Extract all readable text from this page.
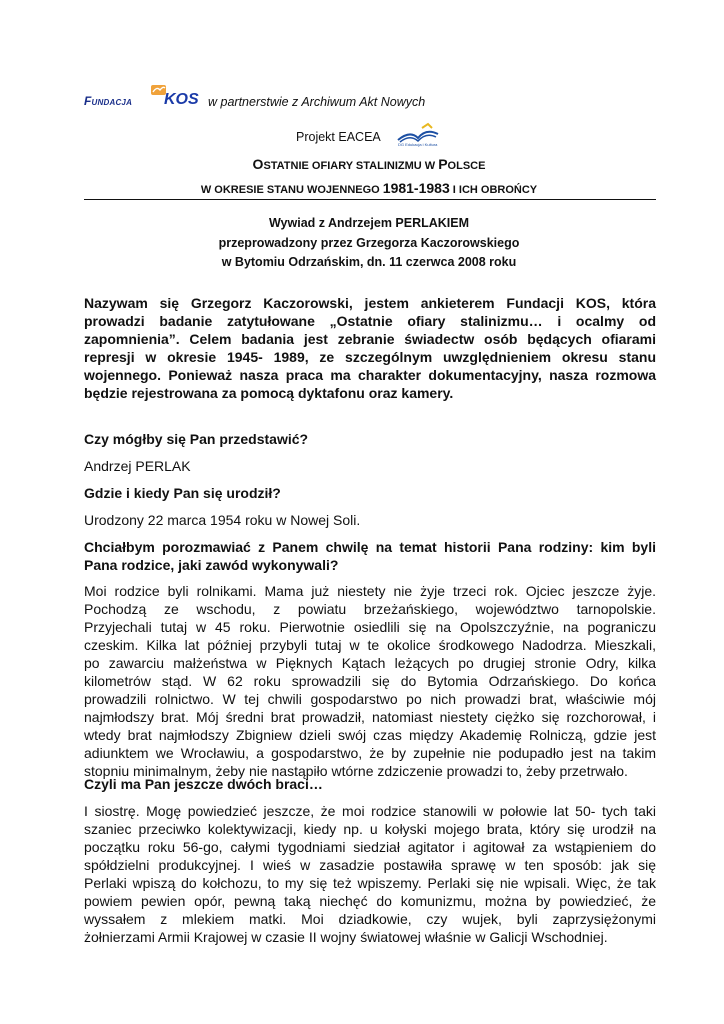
Fundacja KOS w partnerstwie z Archiwum Akt Nowych
Projekt EACEA
DG Edukacja i Kultura
OSTATNIE OFIARY STALINIZMU W POLSCE
W OKRESIE STANU WOJENNEGO 1981-1983 I ICH OBROŃCY
Wywiad z Andrzejem PERLAKIEM
przeprowadzony przez Grzegorza Kaczorowskiego
w Bytomiu Odrzańskim, dn. 11 czerwca 2008 roku
Nazywam się Grzegorz Kaczorowski, jestem ankieterem Fundacji KOS, która
prowadzi badanie zatytułowane „Ostatnie ofiary stalinizmu… i ocalmy od
zapomnienia”. Celem badania jest zebranie świadectw osób będących ofiarami
represji w okresie 1945- 1989, ze szczególnym uwzględnieniem okresu stanu
wojennego. Ponieważ nasza praca ma charakter dokumentacyjny, nasza rozmowa
będzie rejestrowana za pomocą dyktafonu oraz kamery.
Czy mógłby się Pan przedstawić?
Andrzej PERLAK
Gdzie i kiedy Pan się urodził?
Urodzony 22 marca 1954 roku w Nowej Soli.
Chciałbym porozmawiać z Panem chwilę na temat historii Pana rodziny: kim byli
Pana rodzice, jaki zawód wykonywali?
Moi rodzice byli rolnikami. Mama już niestety nie żyje trzeci rok. Ojciec jeszcze żyje.
Pochodzą ze wschodu, z powiatu brzeżańskiego, województwo tarnopolskie.
Przyjechali tutaj w 45 roku. Pierwotnie osiedlili się na Opolszczyźnie, na pograniczu
czeskim. Kilka lat później przybyli tutaj w te okolice środkowego Nadodrza. Mieszkali,
po zawarciu małżeństwa w Pięknych Kątach leżących po drugiej stronie Odry, kilka
kilometrów stąd. W 62 roku sprowadzili się do Bytomia Odrzańskiego. Do końca
prowadzili rolnictwo. W tej chwili gospodarstwo po nich prowadzi brat, właściwie mój
najmłodszy brat. Mój średni brat prowadził, natomiast niestety ciężko się rozchorował, i
wtedy brat najmłodszy Zbigniew dzieli swój czas między Akademię Rolniczą, gdzie jest
adiunktem we Wrocławiu, a gospodarstwo, że by zupełnie nie podupadło jest na takim
stopniu minimalnym, żeby nie nastąpiło wtórne zdziczenie prowadzi to, żeby przetrwało.
Czyli ma Pan jeszcze dwóch braci…
I siostrę. Mogę powiedzieć jeszcze, że moi rodzice stanowili w połowie lat 50- tych taki
szaniec przeciwko kolektywizacji, kiedy np. u kołyski mojego brata, który się urodził na
początku roku 56-go, całymi tygodniami siedział agitator i agitował za wstąpieniem do
spółdzielni produkcyjnej. I wieś w zasadzie postawiła sprawę w ten sposób: jak się
Perlaki wpiszą do kołchozu, to my się też wpiszemy. Perlaki się nie wpisali. Więc, że tak
powiem pewien opór, pewną taką niechęć do komunizmu, można by powiedzieć, że
wyssałem z mlekiem matki. Moi dziadkowie, czy wujek, byli zaprzysiężonymi
żołnierzami Armii Krajowej w czasie II wojny światowej właśnie w Galicji Wschodniej.
